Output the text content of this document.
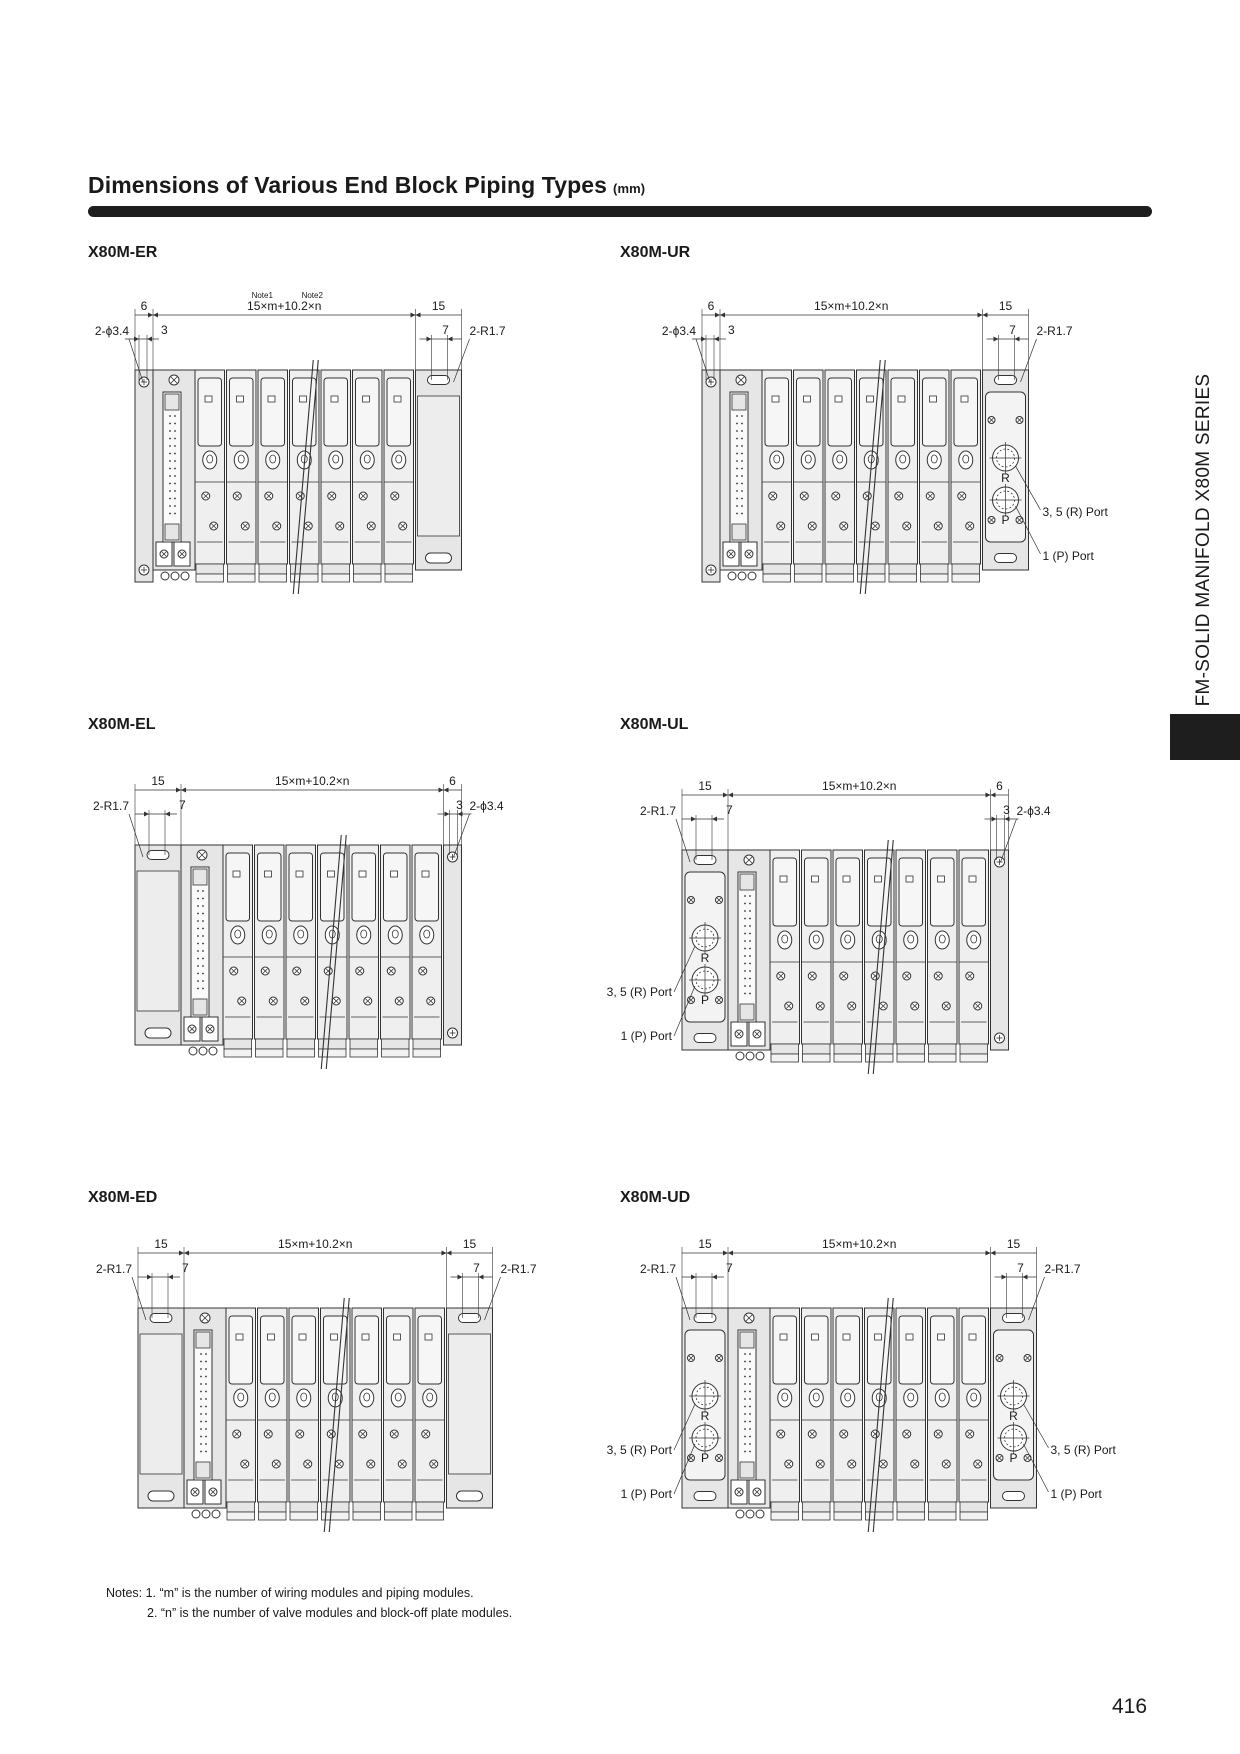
Dimensions of Various End Block Piping Types (mm)
FM-SOLID MANIFOLD X80M SERIES
X80M-ER	X80M-UR
X80M-EL	X80M-UL
X80M-ED	X80M-UD
6	15×m+10.2×n	15
Note1	Note2
3	7
2-ϕ3.4	2-R1.7
R
P
6	15×m+10.2×n	15
3	7
2-ϕ3.4	2-R1.7
3, 5 (R) Port
1 (P) Port
15	15×m+10.2×n	6
7	3
2-R1.7	2-ϕ3.4
R
P
15	15×m+10.2×n	6
7	3
2-R1.7	2-ϕ3.4
3, 5 (R) Port
1 (P) Port
15	15×m+10.2×n	15
7	7
2-R1.7	2-R1.7
R
P
R
P
15	15×m+10.2×n	15
7	7
2-R1.7	2-R1.7
3, 5 (R) Port
1 (P) Port
3, 5 (R) Port
1 (P) Port
Notes: 1. “m” is the number of wiring modules and piping modules.
2. “n” is the number of valve modules and block-off plate modules.
416
